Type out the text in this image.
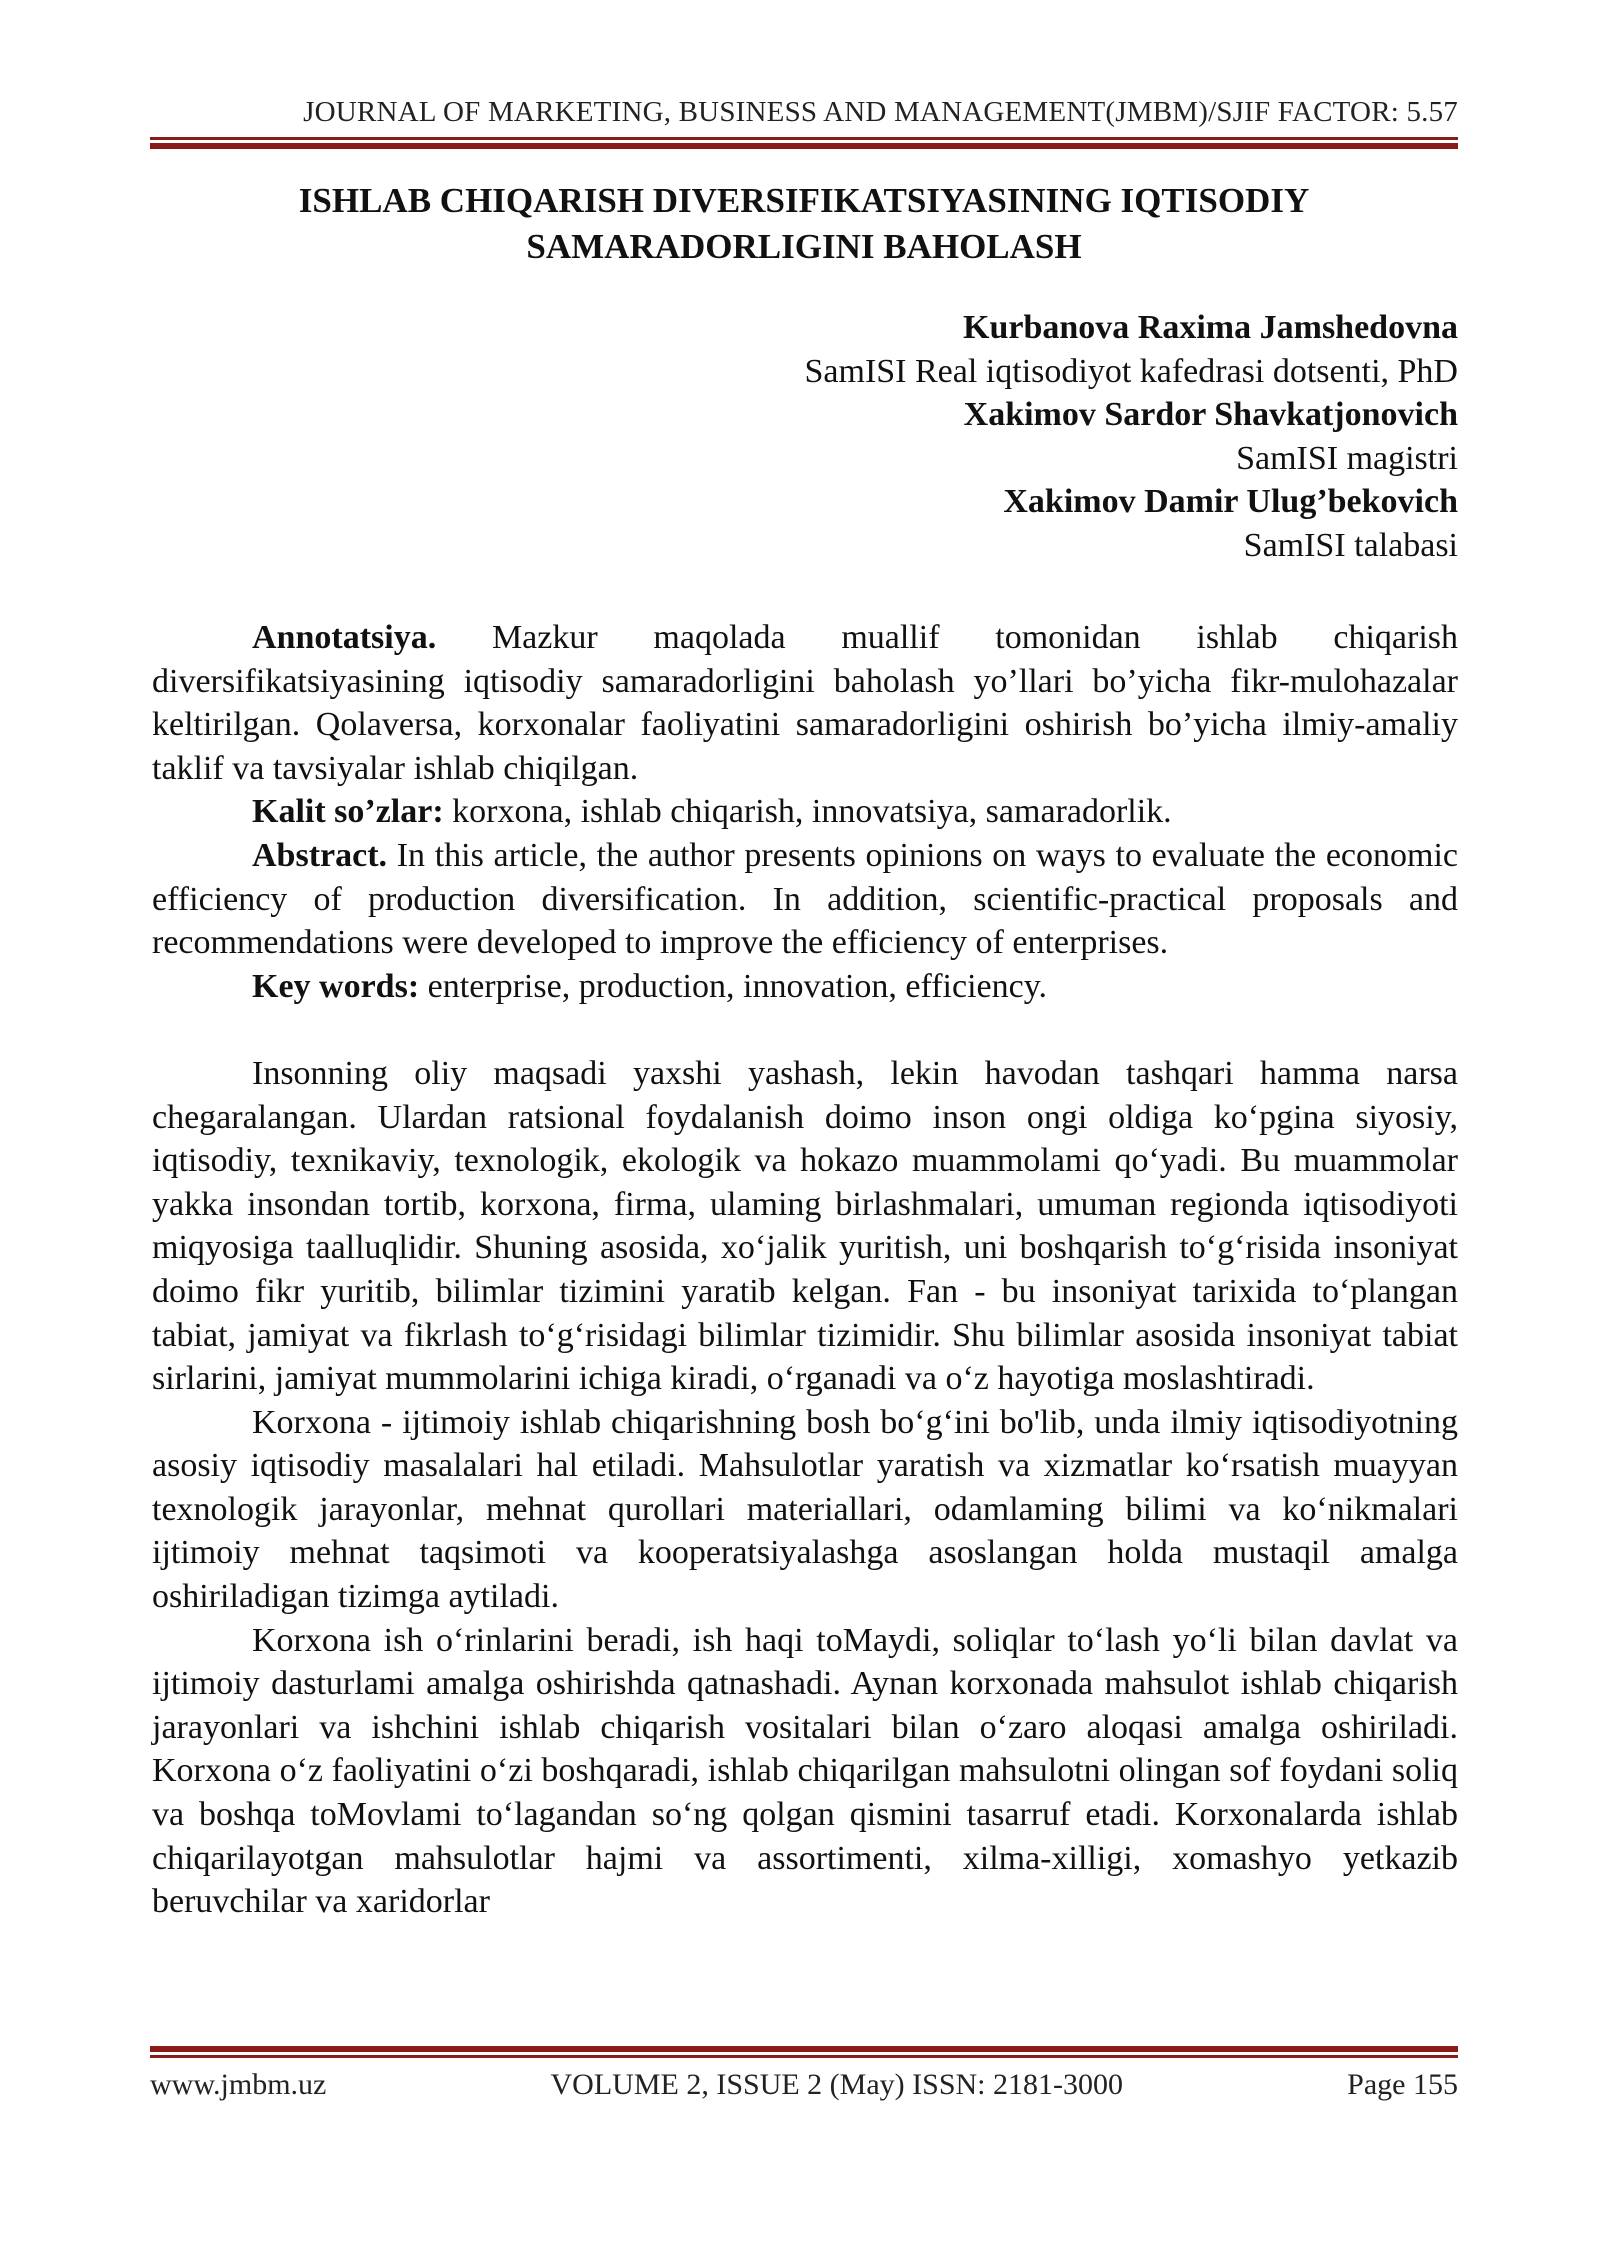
JOURNAL OF MARKETING, BUSINESS AND MANAGEMENT(JMBM)/SJIF FACTOR: 5.57
ISHLAB CHIQARISH DIVERSIFIKATSIYASINING IQTISODIY
SAMARADORLIGINI BAHOLASH
Kurbanova Raxima Jamshedovna
SamISI Real iqtisodiyot kafedrasi dotsenti, PhD
Xakimov Sardor Shavkatjonovich
SamISI magistri
Xakimov Damir Ulug’bekovich
SamISI talabasi

Annotatsiya. Mazkur maqolada muallif tomonidan ishlab chiqarish diversifikatsiyasining iqtisodiy samaradorligini baholash yo’llari bo’yicha fikr-mulohazalar keltirilgan. Qolaversa, korxonalar faoliyatini samaradorligini oshirish bo’yicha ilmiy-amaliy taklif va tavsiyalar ishlab chiqilgan.

Kalit so’zlar: korxona, ishlab chiqarish, innovatsiya, samaradorlik.

Abstract. In this article, the author presents opinions on ways to evaluate the economic efficiency of production diversification. In addition, scientific-practical proposals and recommendations were developed to improve the efficiency of enterprises.

Key words: enterprise, production, innovation, efficiency.

Insonning oliy maqsadi yaxshi yashash, lekin havodan tashqari hamma narsa chegaralangan. Ulardan ratsional foydalanish doimo inson ongi oldiga ko‘pgina siyosiy, iqtisodiy, texnikaviy, texnologik, ekologik va hokazo muammolami qo‘yadi. Bu muammolar yakka insondan tortib, korxona, firma, ulaming birlashmalari, umuman regionda iqtisodiyoti miqyosiga taalluqlidir. Shuning asosida, xo‘jalik yuritish, uni boshqarish to‘g‘risida insoniyat doimo fikr yuritib, bilimlar tizimini yaratib kelgan. Fan - bu insoniyat tarixida to‘plangan tabiat, jamiyat va fikrlash to‘g‘risidagi bilimlar tizimidir. Shu bilimlar asosida insoniyat tabiat sirlarini, jamiyat mummolarini ichiga kiradi, o‘rganadi va o‘z hayotiga moslashtiradi.

Korxona - ijtimoiy ishlab chiqarishning bosh bo‘g‘ini bo'lib, unda ilmiy iqtisodiyotning asosiy iqtisodiy masalalari hal etiladi. Mahsulotlar yaratish va xizmatlar ko‘rsatish muayyan texnologik jarayonlar, mehnat qurollari materiallari, odamlaming bilimi va ko‘nikmalari ijtimoiy mehnat taqsimoti va kooperatsiyalashga asoslangan holda mustaqil amalga oshiriladigan tizimga aytiladi.

Korxona ish o‘rinlarini beradi, ish haqi toMaydi, soliqlar to‘lash yo‘li bilan davlat va ijtimoiy dasturlami amalga oshirishda qatnashadi. Aynan korxonada mahsulot ishlab chiqarish jarayonlari va ishchini ishlab chiqarish vositalari bilan o‘zaro aloqasi amalga oshiriladi. Korxona o‘z faoliyatini o‘zi boshqaradi, ishlab chiqarilgan mahsulotni olingan sof foydani soliq va boshqa toMovlami to‘lagandan so‘ng qolgan qismini tasarruf etadi. Korxonalarda ishlab chiqarilayotgan mahsulotlar hajmi va assortimenti, xilma-xilligi, xomashyo yetkazib beruvchilar va xaridorlar

www.jmbm.uz	VOLUME 2, ISSUE 2 (May) ISSN: 2181-3000	Page 155
